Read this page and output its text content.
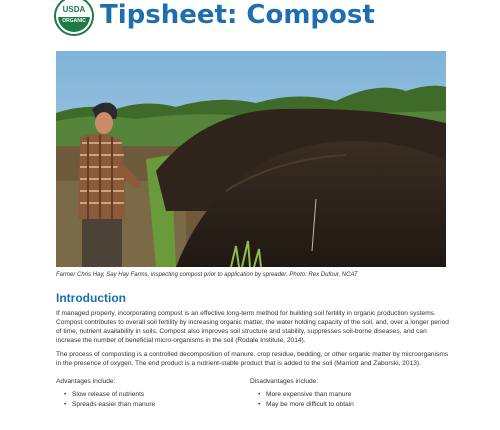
USDA
ORGANIC Tipsheet: Compost
Farmer Chris Hay, Say Hay Farms, inspecting compost prior to application by spreader. Photo: Rex Dufour, NCAT
Introduction

If managed properly, incorporating compost is an effective long-term method for building soil fertility in organic production systems. Compost contributes to overall soil fertility by increasing organic matter, the water holding capacity of the soil, and, over a longer period of time, nutrient availability in soils. Compost also improves soil structure and stability, suppresses soil-borne diseases, and can increase the number of beneficial micro-organisms in the soil (Rodale Institute, 2014).

The process of composting is a controlled decomposition of manure, crop residue, bedding, or other organic matter by microorganisms in the presence of oxygen. The end product is a nutrient-stable product that is added to the soil (Marriott and Zaborski, 2013).

Advantages include:
• Slow release of nutrients
• Spreads easier than manure
Disadvantages include:
• More expensive than manure
• May be more difficult to obtain
